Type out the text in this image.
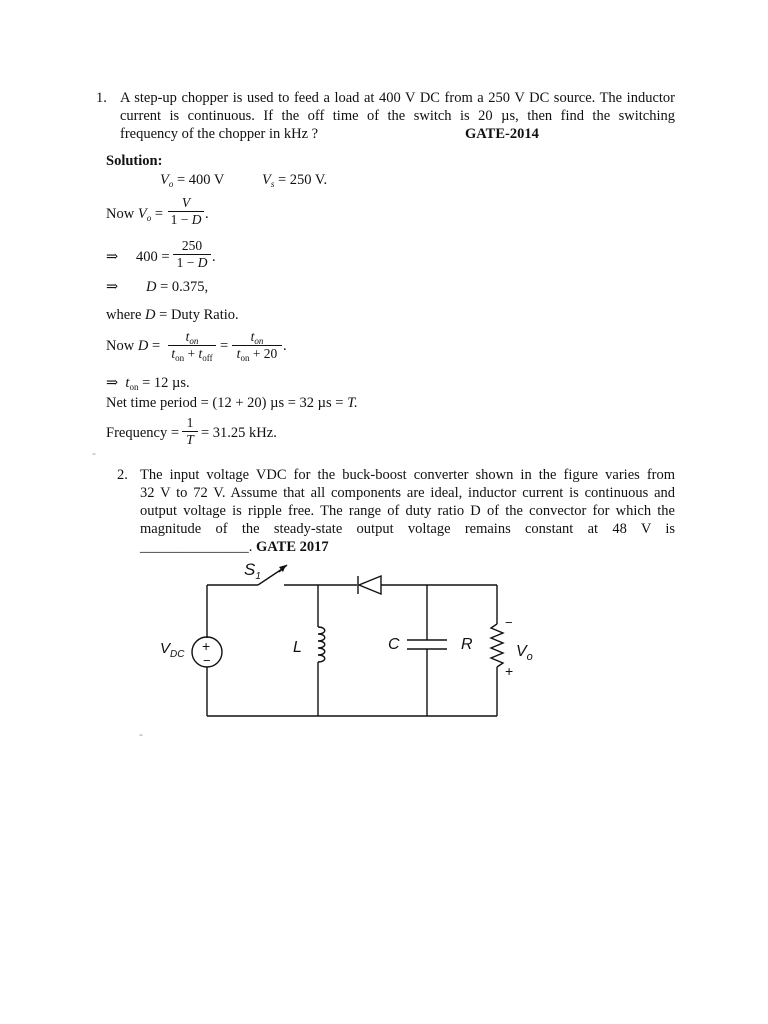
1. A step-up chopper is used to feed a load at 400 V DC from a 250 V DC source. The inductor
current is continuous. If the off time of the switch is 20 µs, then find the switching
frequency of the chopper in kHz ?	GATE-2014
Solution:
$V_o = 400$ V	$V_s = 250$ V.
Now $V_o = \frac{V}{1 - D}$ .
⇒ $400 = \frac{250}{1 - D}$ .
⇒ D = 0.375,
where D = Duty Ratio.
Now D =
$t_{on}$
$t_{on} + t_{off}$
=
$t_{on}$
$t_{on} + 20$ .
⇒ $t_{on} = 12$ µs.
Net time period = (12 + 20) µs = 32 µs = T.
Frequency = $\frac{1}{T} = 31.25$ kHz.
-
2. The input voltage VDC for the buck-boost converter shown in the figure varies from
32 V to 72 V. Assume that all components are ideal, inductor current is continuous and
output voltage is ripple free. The range of duty ratio D of the convector for which the
magnitude of the steady-state output voltage remains constant at 48 V is
_______________. GATE 2017
$S_1$
$V_{DC}$
+
−
L	C	R
−
+
$V_o$
-
